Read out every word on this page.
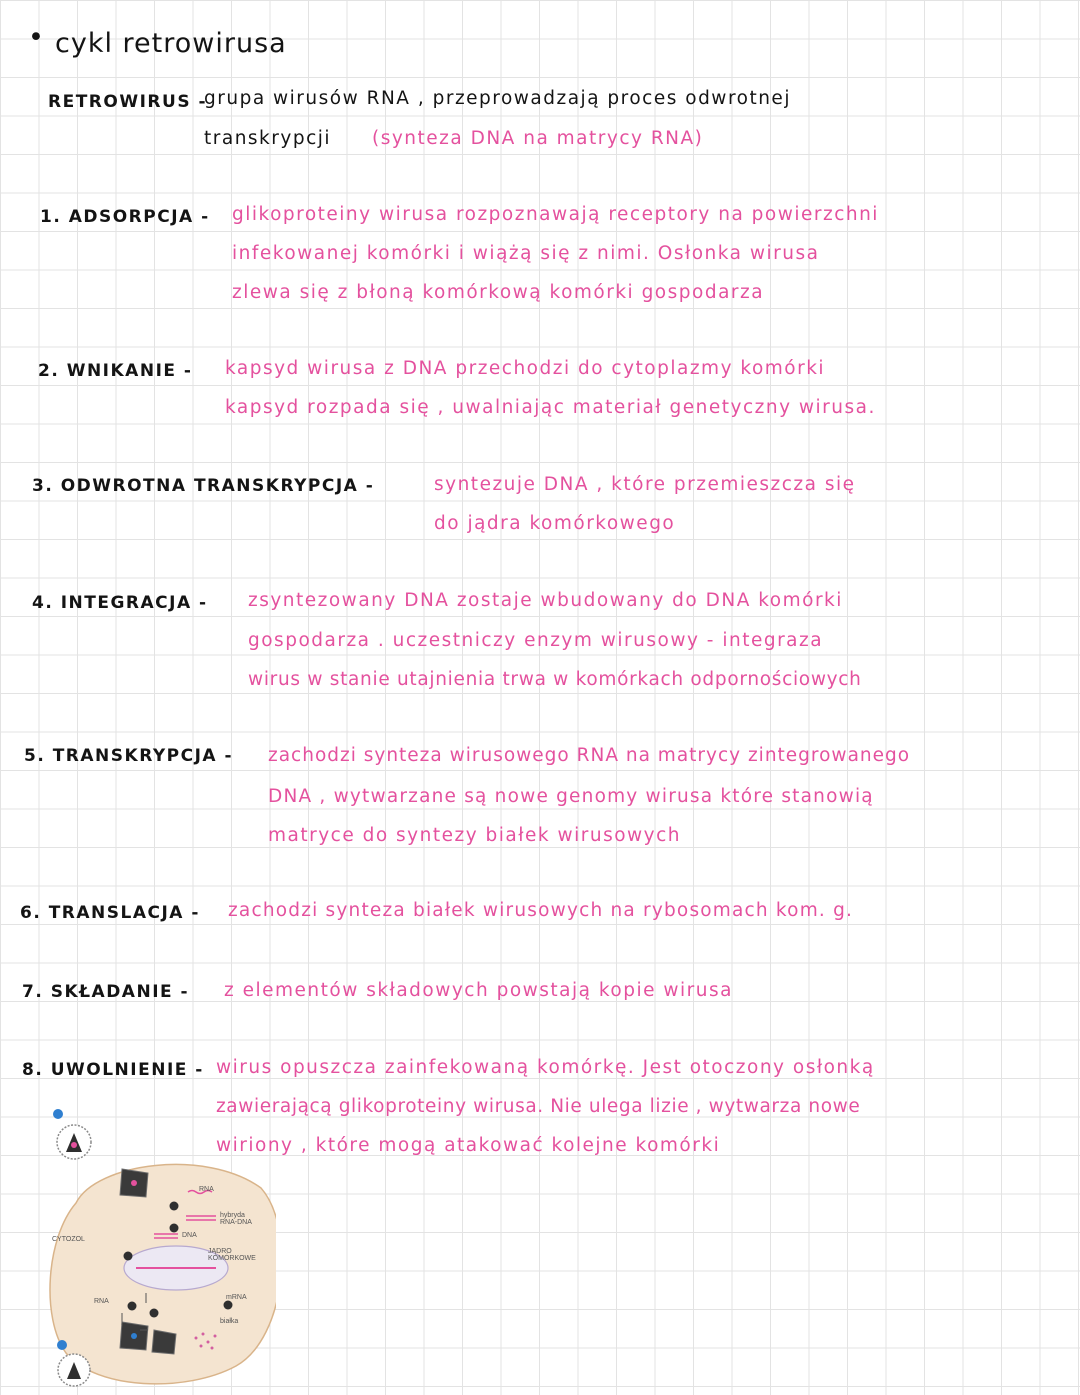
• cykl retrowirusa
RETROWIRUS -
grupa wirusów RNA , przeprowadzają proces odwrotnej
transkrypcji (synteza DNA na matrycy RNA)
1. ADSORPCJA - glikoproteiny wirusa rozpoznawają receptory na powierzchni
infekowanej komórki i wiążą się z nimi. Osłonka wirusa
zlewa się z błoną komórkową komórki gospodarza
2. WNIKANIE - kapsyd wirusa z DNA przechodzi do cytoplazmy komórki
kapsyd rozpada się , uwalniając materiał genetyczny wirusa.
3. ODWROTNA TRANSKRYPCJA -	syntezuje DNA , które przemieszcza się
do jądra komórkowego
4. INTEGRACJA - zsyntezowany DNA zostaje wbudowany do DNA komórki
gospodarza . uczestniczy enzym wirusowy - integraza
wirus w stanie utajnienia trwa w komórkach odpornościowych
5. TRANSKRYPCJA - zachodzi synteza wirusowego RNA na matrycy zintegrowanego
DNA , wytwarzane są nowe genomy wirusa które stanowią
matryce do syntezy białek wirusowych
6. TRANSLACJA - zachodzi synteza białek wirusowych na rybosomach kom. g.
7. SKŁADANIE - z elementów składowych powstają kopie wirusa
8. UWOLNIENIE - wirus opuszcza zainfekowaną komórkę. Jest otoczony osłonką
zawierającą glikoproteiny wirusa. Nie ulega lizie , wytwarza nowe
wiriony , które mogą atakować kolejne komórki
RNA
hybryda RNA-DNA
DNA
CYTOZOL
JĄDRO KOMÓRKOWE
RNA
mRNA
białka
